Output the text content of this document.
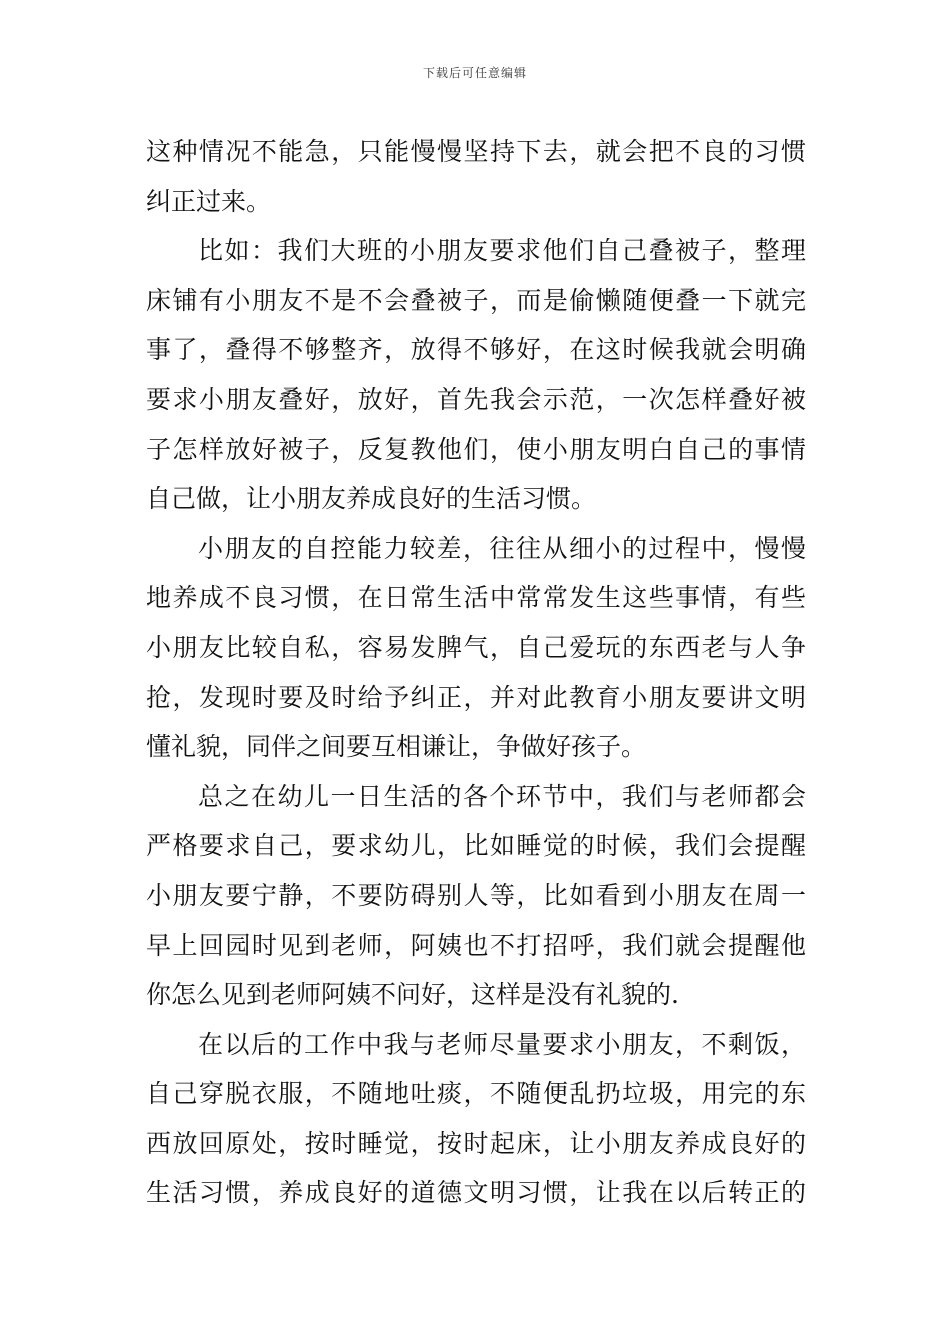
下载后可任意编辑
这种情况不能急，只能慢慢坚持下去，就会把不良的习惯
纠正过来。
比如：我们大班的小朋友要求他们自己叠被子，整理
床铺有小朋友不是不会叠被子，而是偷懒随便叠一下就完
事了，叠得不够整齐，放得不够好，在这时候我就会明确
要求小朋友叠好，放好，首先我会示范，一次怎样叠好被
子怎样放好被子，反复教他们，使小朋友明白自己的事情
自己做，让小朋友养成良好的生活习惯。
小朋友的自控能力较差，往往从细小的过程中，慢慢
地养成不良习惯，在日常生活中常常发生这些事情，有些
小朋友比较自私，容易发脾气，自己爱玩的东西老与人争
抢，发现时要及时给予纠正，并对此教育小朋友要讲文明
懂礼貌，同伴之间要互相谦让，争做好孩子。
总之在幼儿一日生活的各个环节中，我们与老师都会
严格要求自己，要求幼儿，比如睡觉的时候，我们会提醒
小朋友要宁静，不要防碍别人等，比如看到小朋友在周一
早上回园时见到老师，阿姨也不打招呼，我们就会提醒他
你怎么见到老师阿姨不问好，这样是没有礼貌的.
在以后的工作中我与老师尽量要求小朋友，不剩饭，
自己穿脱衣服，不随地吐痰，不随便乱扔垃圾，用完的东
西放回原处，按时睡觉，按时起床，让小朋友养成良好的
生活习惯，养成良好的道德文明习惯，让我在以后转正的
